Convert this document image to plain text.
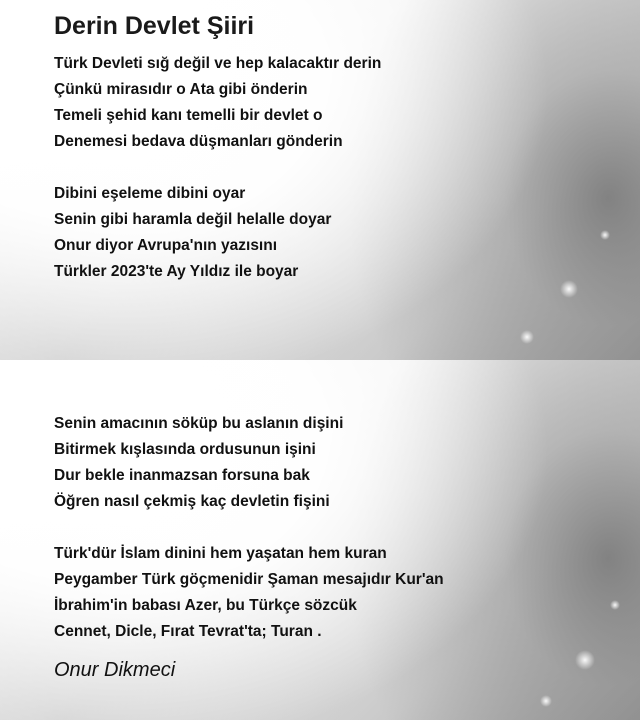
Derin Devlet Şiiri
Türk Devleti sığ değil ve hep kalacaktır derin
Çünkü mirasıdır o Ata gibi önderin
Temeli şehid kanı temelli bir devlet o
Denemesi bedava düşmanları gönderin
Dibini eşeleme dibini oyar
Senin gibi haramla değil helalle doyar
Onur diyor Avrupa'nın yazısını
Türkler 2023'te Ay Yıldız ile boyar
Senin amacının söküp bu aslanın dişini
Bitirmek kışlasında ordusunun işini
Dur bekle inanmazsan forsuna bak
Öğren nasıl çekmiş kaç devletin fişini
Türk'dür İslam dinini hem yaşatan hem kuran
Peygamber Türk göçmenidir Şaman mesajıdır Kur'an
İbrahim'in babası Azer, bu Türkçe sözcük
Cennet, Dicle, Fırat Tevrat'ta; Turan .
Onur Dikmeci
